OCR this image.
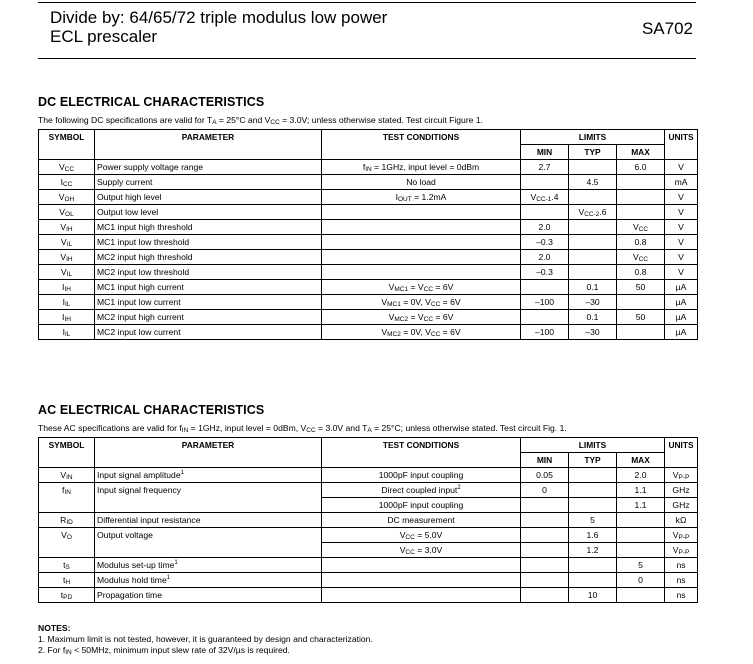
Divide by: 64/65/72 triple modulus low power
ECL prescaler	SA702
DC ELECTRICAL CHARACTERISTICS
The following DC specifications are valid for $T_A = 25^\circ C$ and $V_{CC} = 3.0V$; unless otherwise stated. Test circuit Figure 1.
SYMBOL	PARAMETER	TEST CONDITIONS	LIMITS			UNITS
			MIN	TYP	MAX	
$V_{CC}$	Power supply voltage range	$f_{IN} = 1GHz$, input level = 0dBm	2.7		6.0	V
$I_{CC}$	Supply current	No load		4.5		mA
$V_{OH}$	Output high level	$I_{OUT} = 1.2mA$	$V_{CC-1}.4$			V
$V_{OL}$	Output low level			$V_{CC-2}.6$		V
$V_{IH}$	MC1 input high threshold		2.0		$V_{CC}$	V
$V_{IL}$	MC1 input low threshold		–0.3		0.8	V
$V_{IH}$	MC2 input high threshold		2.0		$V_{CC}$	V
$V_{IL}$	MC2 input low threshold		–0.3		0.8	V
$I_{IH}$	MC1 input high current	$V_{MC1} = V_{CC} = 6V$		0.1	50	µA
$I_{IL}$	MC1 input low current	$V_{MC1} = 0V$, $V_{CC} = 6V$	–100	–30		µA
$I_{IH}$	MC2 input high current	$V_{MC2} = V_{CC} = 6V$		0.1	50	µA
$I_{IL}$	MC2 input low current	$V_{MC2} = 0V$, $V_{CC} = 6V$	–100	–30		µA
AC ELECTRICAL CHARACTERISTICS
These AC specifications are valid for $f_{IN} = 1GHz$, input level = 0dBm, $V_{CC} = 3.0V$ and $T_A = 25^\circ C$; unless otherwise stated. Test circuit Fig. 1.
SYMBOL	PARAMETER	TEST CONDITIONS	LIMITS			UNITS
			MIN	TYP	MAX	
$V_{IN}$	Input signal amplitude$^1$	1000pF input coupling	0.05		2.0	$V_{P-P}$
$f_{IN}$	Input signal frequency	Direct coupled input$^2$	0		1.1	GHz
		1000pF input coupling			1.1	GHz
$R_{ID}$	Differential input resistance	DC measurement		5		kΩ
$V_O$	Output voltage	$V_{CC} = 5.0V$		1.6		$V_{P-P}$
		$V_{CC} = 3.0V$		1.2		$V_{P-P}$
$t_S$	Modulus set-up time$^1$				5	ns
$t_H$	Modulus hold time$^1$				0	ns
$t_{PD}$	Propagation time			10		ns
NOTES:
1. Maximum limit is not tested, however, it is guaranteed by design and characterization.
2. For $f_{IN} < 50MHz$, minimum input slew rate of 32V/µs is required.
